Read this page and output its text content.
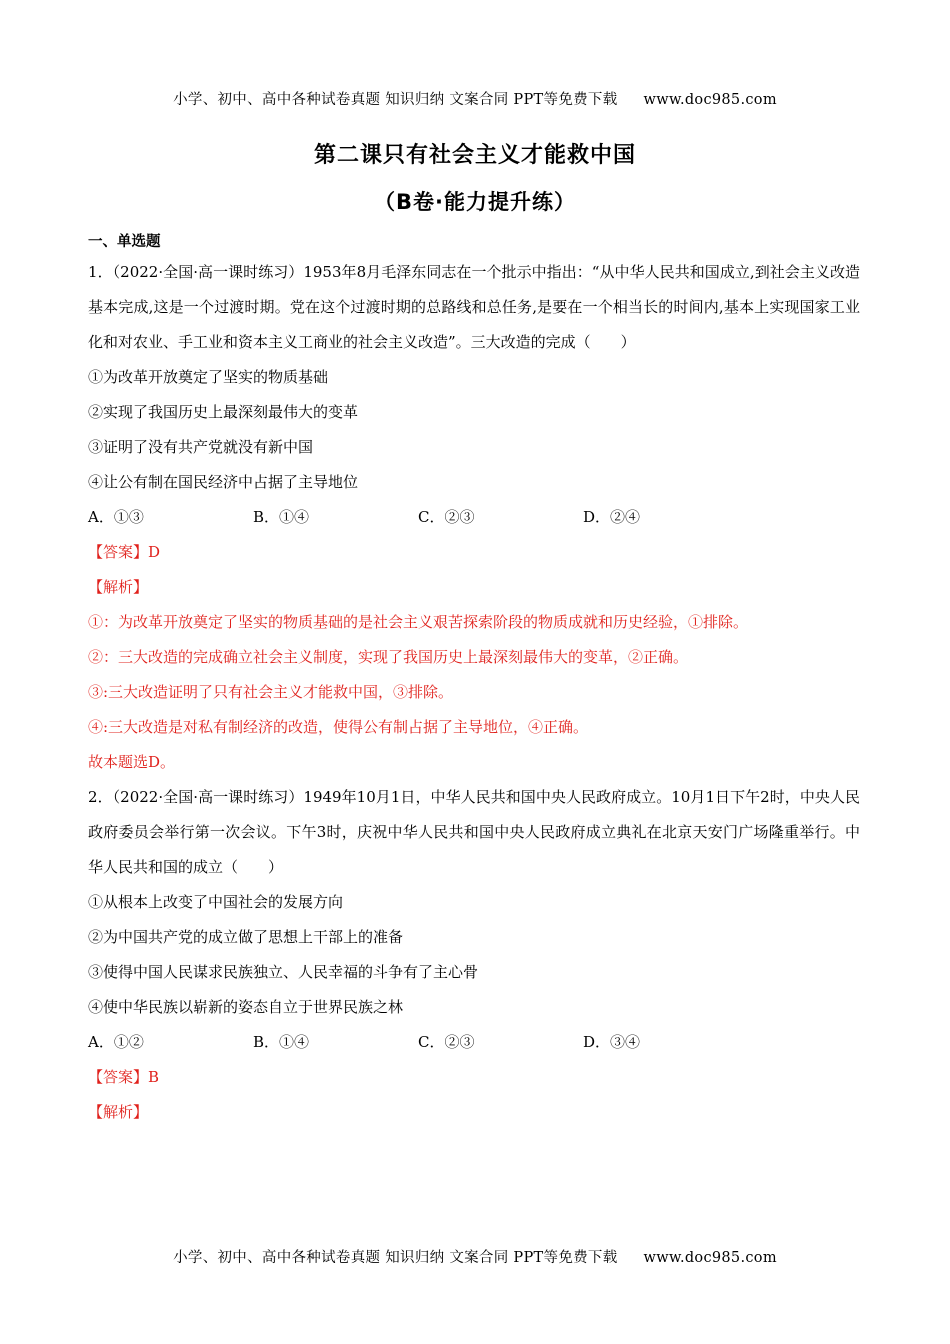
小学、初中、高中各种试卷真题 知识归纳 文案合同 PPT等免费下载 www.doc985.com
第二课只有社会主义才能救中国
（B卷·能力提升练）
一、单选题
1．（2022·全国·高一课时练习）1953年8月毛泽东同志在一个批示中指出：“从中华人民共和国成立,到社会主义改造基本完成,这是一个过渡时期。党在这个过渡时期的总路线和总任务,是要在一个相当长的时间内,基本上实现国家工业化和对农业、手工业和资本主义工商业的社会主义改造”。三大改造的完成（　　）
①为改革开放奠定了坚实的物质基础
②实现了我国历史上最深刻最伟大的变革
③证明了没有共产党就没有新中国
④让公有制在国民经济中占据了主导地位
A．①③	B．①④	C．②③	D．②④
【答案】D
【解析】
①：为改革开放奠定了坚实的物质基础的是社会主义艰苦探索阶段的物质成就和历史经验，①排除。
②：三大改造的完成确立社会主义制度，实现了我国历史上最深刻最伟大的变革，②正确。
③:三大改造证明了只有社会主义才能救中国，③排除。
④:三大改造是对私有制经济的改造，使得公有制占据了主导地位，④正确。
故本题选D。
2．（2022·全国·高一课时练习）1949年10月1日，中华人民共和国中央人民政府成立。10月1日下午2时，中央人民政府委员会举行第一次会议。下午3时，庆祝中华人民共和国中央人民政府成立典礼在北京天安门广场隆重举行。中华人民共和国的成立（　　）
①从根本上改变了中国社会的发展方向
②为中国共产党的成立做了思想上干部上的准备
③使得中国人民谋求民族独立、人民幸福的斗争有了主心骨
④使中华民族以崭新的姿态自立于世界民族之林
A．①②	B．①④	C．②③	D．③④
【答案】B
【解析】
小学、初中、高中各种试卷真题 知识归纳 文案合同 PPT等免费下载 www.doc985.com
